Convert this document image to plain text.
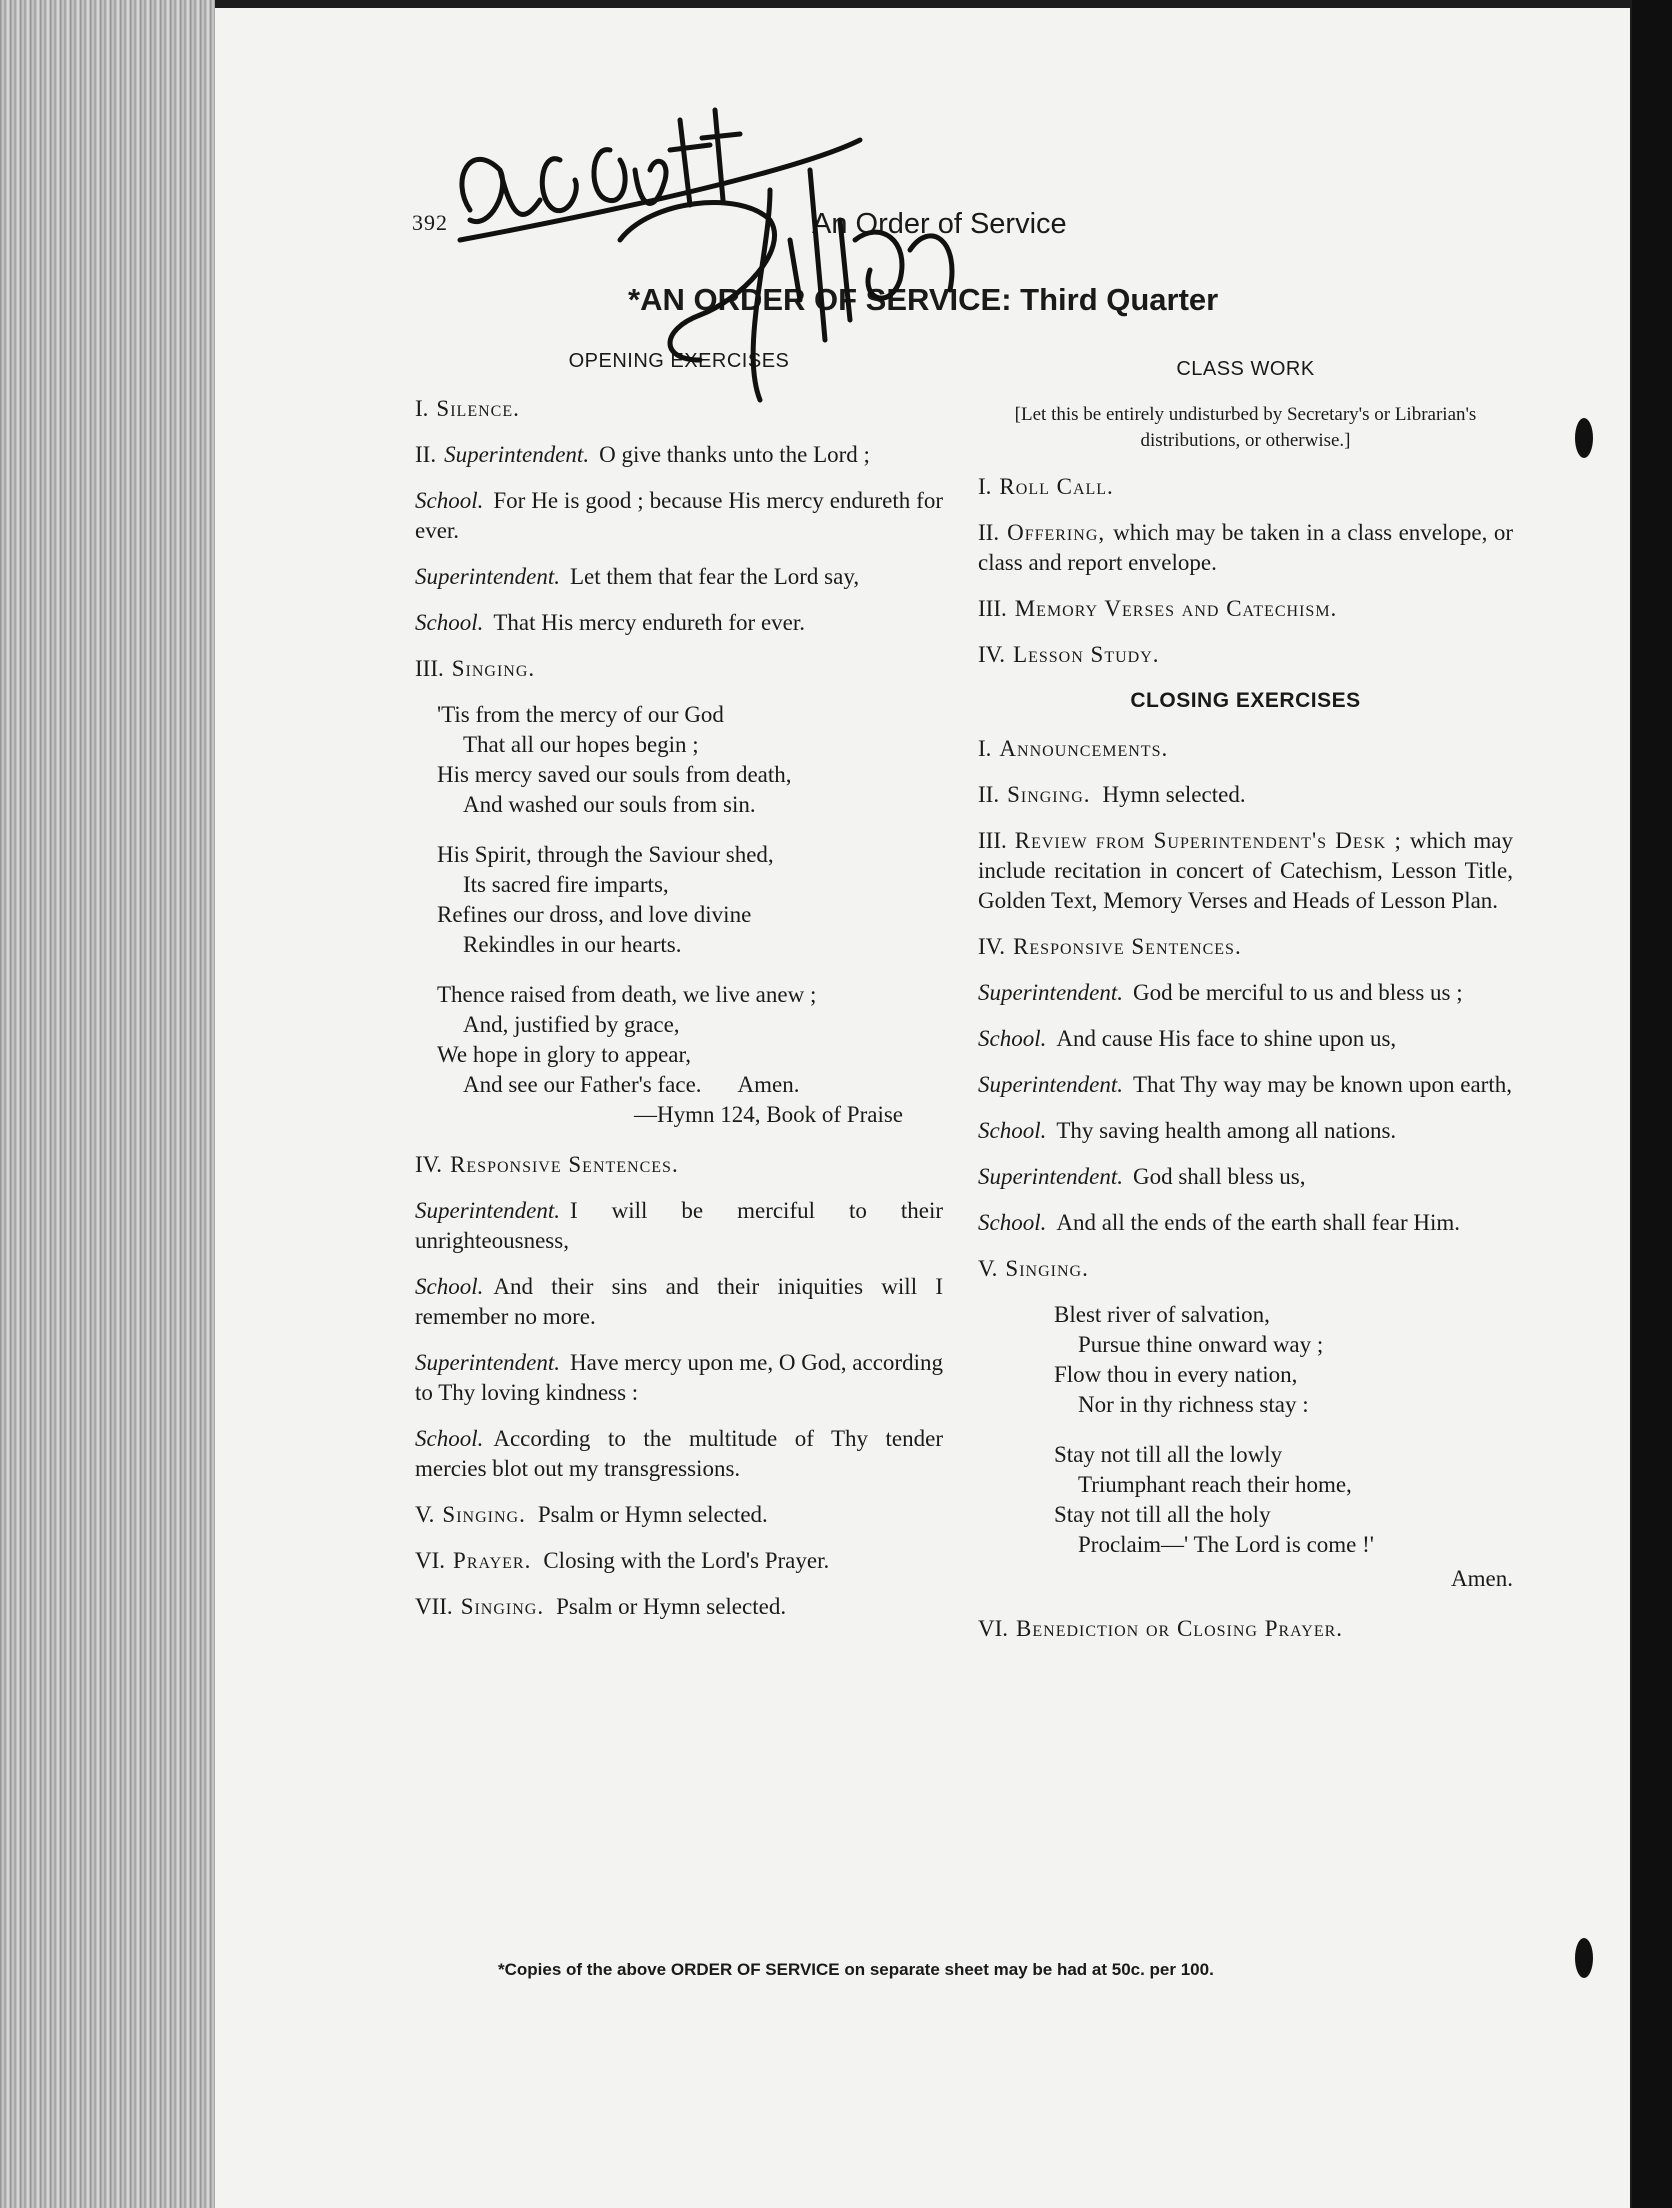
392	An Order of Service
*AN ORDER OF SERVICE: Third Quarter
OPENING EXERCISES

I. Silence.

II. Superintendent. O give thanks unto the Lord ;

School. For He is good ; because His mercy endureth for ever.

Superintendent. Let them that fear the Lord say,

School. That His mercy endureth for ever.

III. Singing.

'Tis from the mercy of our God
That all our hopes begin ;
His mercy saved our souls from death,
And washed our souls from sin.
His Spirit, through the Saviour shed,
Its sacred fire imparts,
Refines our dross, and love divine
Rekindles in our hearts.
Thence raised from death, we live anew ;
And, justified by grace,
We hope in glory to appear,
And see our Father's face. Amen.
—Hymn 124, Book of Praise

IV. Responsive Sentences.

Superintendent. I will be merciful to their unrighteousness,

School. And their sins and their iniquities will I remember no more.

Superintendent. Have mercy upon me, O God, according to Thy loving kindness :

School. According to the multitude of Thy tender mercies blot out my transgressions.

V. Singing. Psalm or Hymn selected.

VI. Prayer. Closing with the Lord's Prayer.

VII. Singing. Psalm or Hymn selected.

CLASS WORK
[Let this be entirely undisturbed by Secretary's or Librarian's distributions, or otherwise.]

I. Roll Call.

II. Offering, which may be taken in a class envelope, or class and report envelope.

III. Memory Verses and Catechism.

IV. Lesson Study.

CLOSING EXERCISES

I. Announcements.

II. Singing. Hymn selected.

III. Review from Superintendent's Desk ; which may include recitation in concert of Catechism, Lesson Title, Golden Text, Memory Verses and Heads of Lesson Plan.

IV. Responsive Sentences.

Superintendent. God be merciful to us and bless us ;

School. And cause His face to shine upon us,

Superintendent. That Thy way may be known upon earth,

School. Thy saving health among all nations.

Superintendent. God shall bless us,

School. And all the ends of the earth shall fear Him.

V. Singing.

Blest river of salvation,
Pursue thine onward way ;
Flow thou in every nation,
Nor in thy richness stay :
Stay not till all the lowly
Triumphant reach their home,
Stay not till all the holy
Proclaim—' The Lord is come !'
Amen.

VI. Benediction or Closing Prayer.

*Copies of the above ORDER OF SERVICE on separate sheet may be had at 50c. per 100.
